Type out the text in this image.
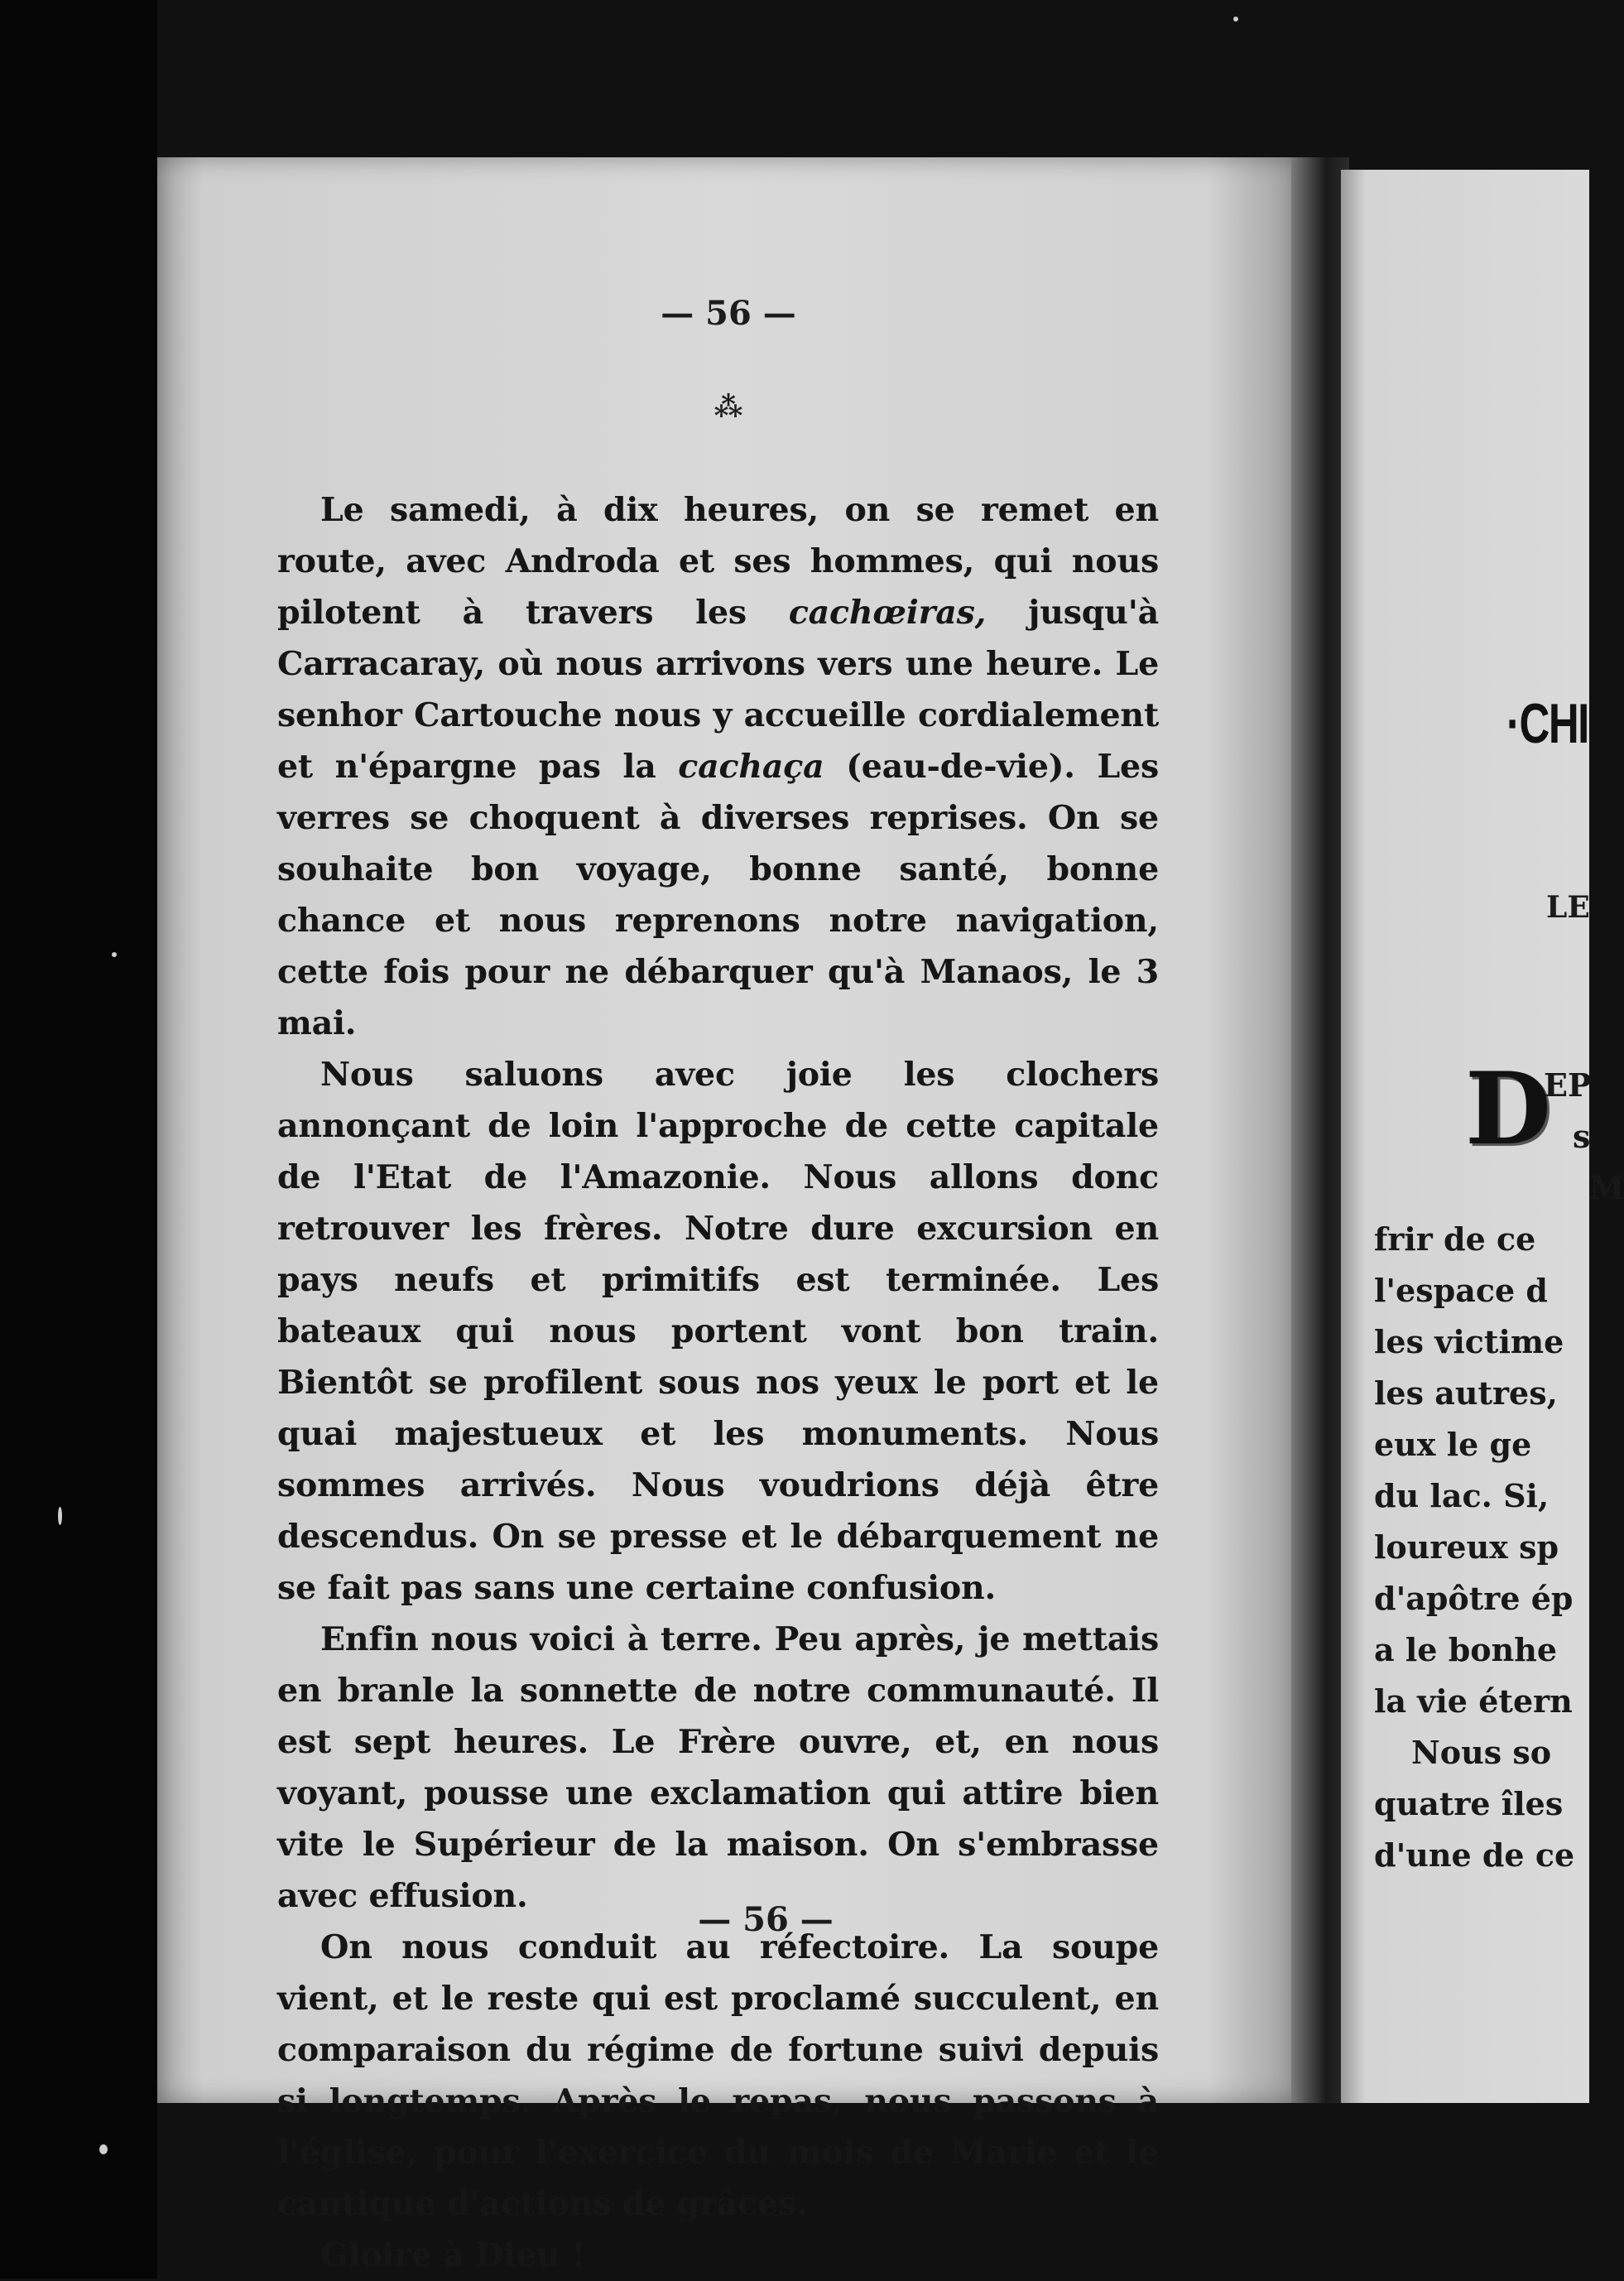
— 56 —
⁂

Le samedi, à dix heures, on se remet en route, avec Androda et ses hommes, qui nous pilotent à travers les cachœiras, jusqu'à Carracaray, où nous arrivons vers une heure. Le senhor Cartouche nous y accueille cordialement et n'épargne pas la cachaça (eau-de-vie). Les verres se choquent à diverses reprises. On se souhaite bon voyage, bonne santé, bonne chance et nous reprenons notre navigation, cette fois pour ne débarquer qu'à Manaos, le 3 mai.

Nous saluons avec joie les clochers annonçant de loin l'approche de cette capitale de l'Etat de l'Amazonie. Nous allons donc retrouver les frères. Notre dure excursion en pays neufs et primitifs est terminée. Les bateaux qui nous portent vont bon train. Bientôt se profilent sous nos yeux le port et le quai majestueux et les monuments. Nous sommes arrivés. Nous voudrions déjà être descendus. On se presse et le débarquement ne se fait pas sans une certaine confusion.

Enfin nous voici à terre. Peu après, je mettais en branle la sonnette de notre communauté. Il est sept heures. Le Frère ouvre, et, en nous voyant, pousse une exclamation qui attire bien vite le Supérieur de la maison. On s'embrasse avec effusion.

On nous conduit au réfectoire. La soupe vient, et le reste qui est proclamé succulent, en comparaison du régime de fortune suivi depuis si longtemps. Après le repas, nous passons à l'église, pour l'exercice du mois de Marie et le cantique d'actions de grâces.

Gloire à Dieu !

— 56 —
·CHI
LE
D
EP
s
M
frir de ce
l'espace d
les victime
les autres,
eux le ge
du lac. Si,
loureux sp
d'apôtre ép
a le bonhe
la vie étern
Nous so
quatre îles
d'une de ce
